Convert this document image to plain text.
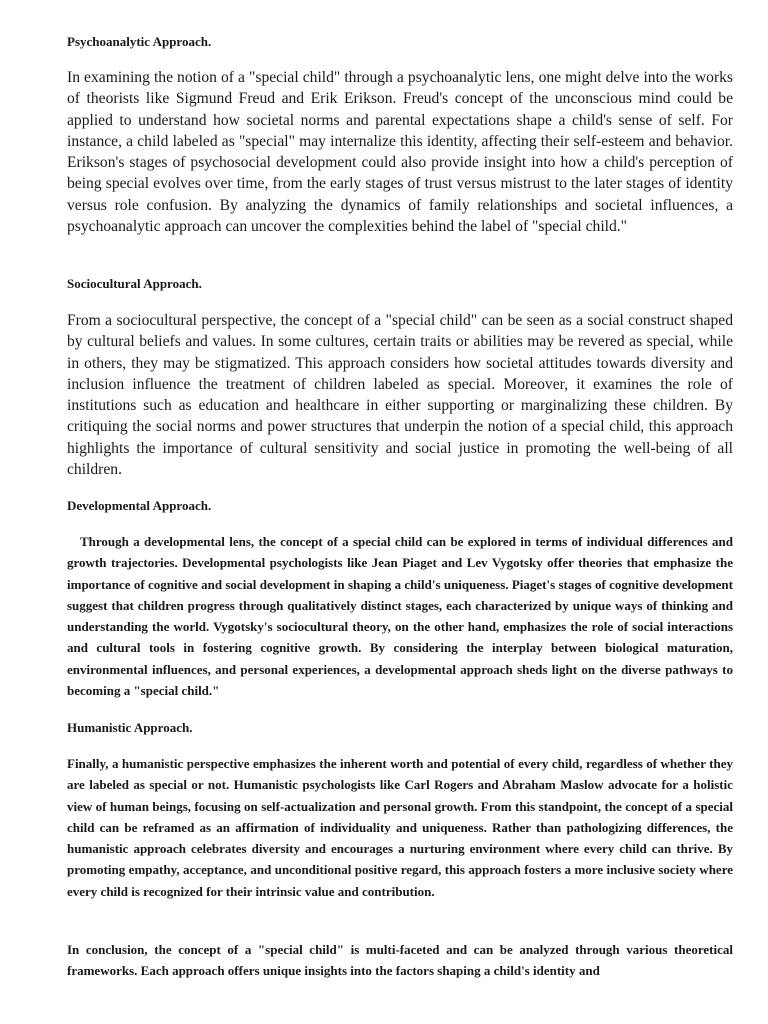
Psychoanalytic Approach.

In examining the notion of a "special child" through a psychoanalytic lens, one might delve into the works of theorists like Sigmund Freud and Erik Erikson. Freud's concept of the unconscious mind could be applied to understand how societal norms and parental expectations shape a child's sense of self. For instance, a child labeled as "special" may internalize this identity, affecting their self-esteem and behavior. Erikson's stages of psychosocial development could also provide insight into how a child's perception of being special evolves over time, from the early stages of trust versus mistrust to the later stages of identity versus role confusion. By analyzing the dynamics of family relationships and societal influences, a psychoanalytic approach can uncover the complexities behind the label of "special child."

Sociocultural Approach.

From a sociocultural perspective, the concept of a "special child" can be seen as a social construct shaped by cultural beliefs and values. In some cultures, certain traits or abilities may be revered as special, while in others, they may be stigmatized. This approach considers how societal attitudes towards diversity and inclusion influence the treatment of children labeled as special. Moreover, it examines the role of institutions such as education and healthcare in either supporting or marginalizing these children. By critiquing the social norms and power structures that underpin the notion of a special child, this approach highlights the importance of cultural sensitivity and social justice in promoting the well-being of all children.

Developmental Approach.

Through a developmental lens, the concept of a special child can be explored in terms of individual differences and growth trajectories. Developmental psychologists like Jean Piaget and Lev Vygotsky offer theories that emphasize the importance of cognitive and social development in shaping a child's uniqueness. Piaget's stages of cognitive development suggest that children progress through qualitatively distinct stages, each characterized by unique ways of thinking and understanding the world. Vygotsky's sociocultural theory, on the other hand, emphasizes the role of social interactions and cultural tools in fostering cognitive growth. By considering the interplay between biological maturation, environmental influences, and personal experiences, a developmental approach sheds light on the diverse pathways to becoming a "special child."

Humanistic Approach.

Finally, a humanistic perspective emphasizes the inherent worth and potential of every child, regardless of whether they are labeled as special or not. Humanistic psychologists like Carl Rogers and Abraham Maslow advocate for a holistic view of human beings, focusing on self-actualization and personal growth. From this standpoint, the concept of a special child can be reframed as an affirmation of individuality and uniqueness. Rather than pathologizing differences, the humanistic approach celebrates diversity and encourages a nurturing environment where every child can thrive. By promoting empathy, acceptance, and unconditional positive regard, this approach fosters a more inclusive society where every child is recognized for their intrinsic value and contribution.

In conclusion, the concept of a "special child" is multi-faceted and can be analyzed through various theoretical frameworks. Each approach offers unique insights into the factors shaping a child's identity and
